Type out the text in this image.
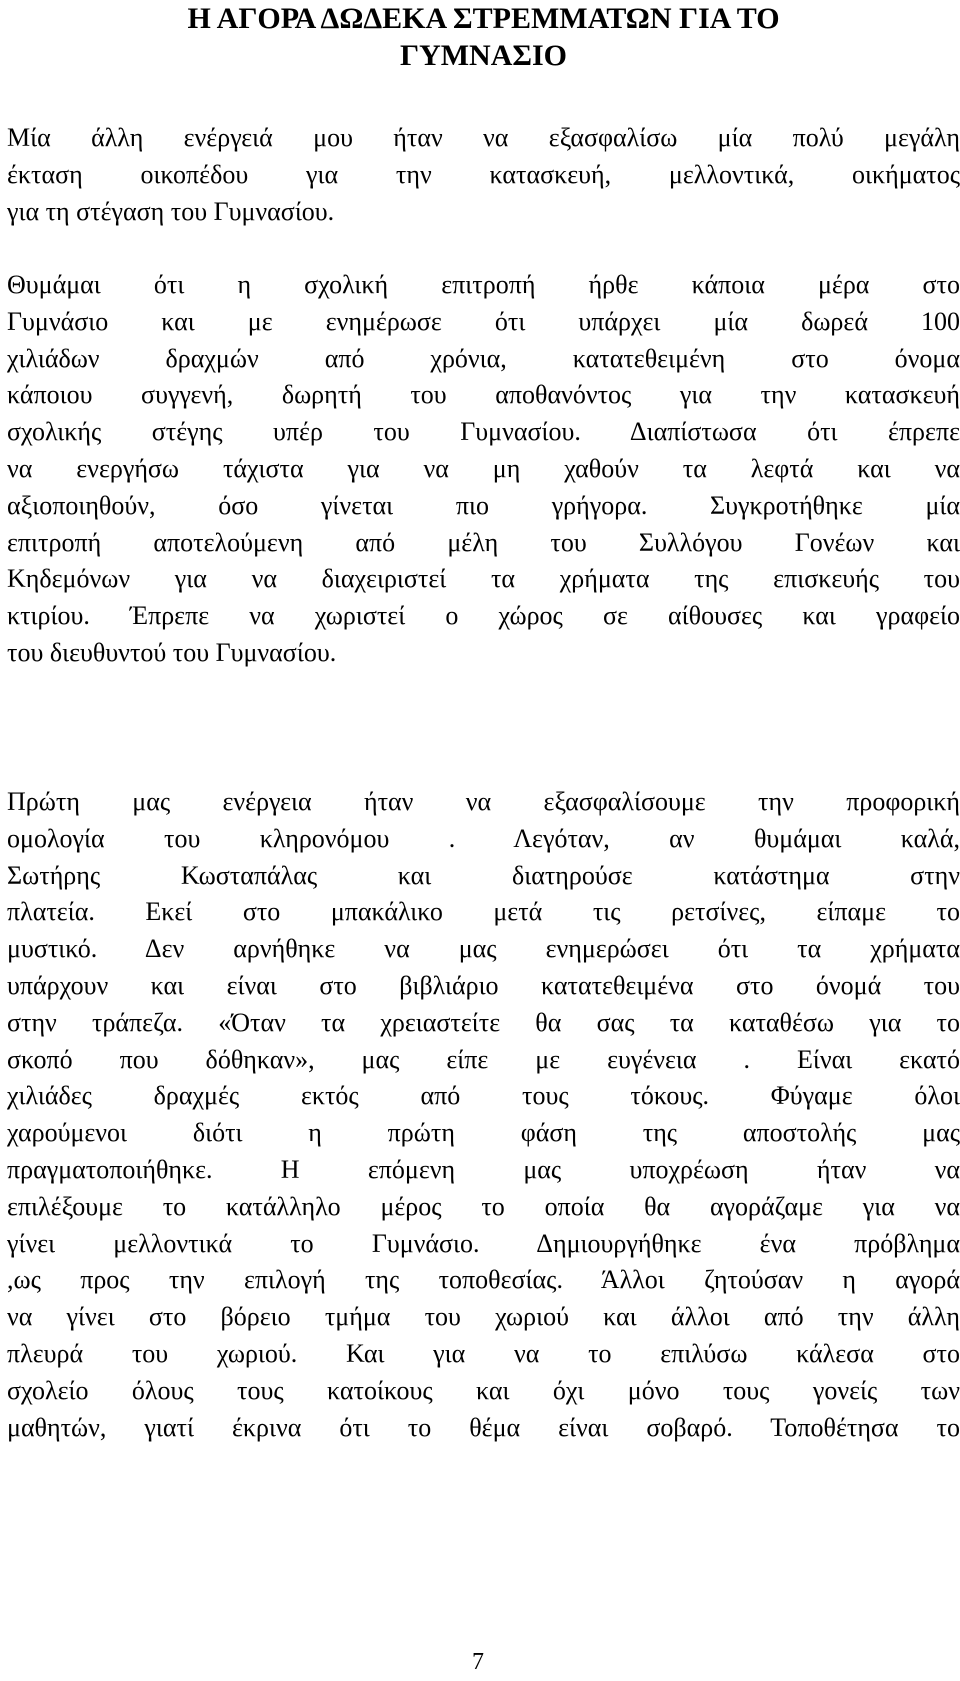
Η ΑΓΟΡΑ ΔΩΔΕΚΑ ΣΤΡΕΜΜΑΤΩΝ ΓΙΑ ΤΟ
ΓΥΜΝΑΣΙΟ
Μία άλλη ενέργειά μου ήταν να εξασφαλίσω μία πολύ μεγάλη
έκταση οικοπέδου για την κατασκευή, μελλοντικά, οικήματος
για τη στέγαση του Γυμνασίου.
Θυμάμαι ότι η σχολική επιτροπή ήρθε κάποια μέρα στο
Γυμνάσιο και με ενημέρωσε ότι υπάρχει μία δωρεά 100
χιλιάδων δραχμών από χρόνια, κατατεθειμένη στο όνομα
κάποιου συγγενή, δωρητή του αποθανόντος για την κατασκευή
σχολικής στέγης υπέρ του Γυμνασίου. Διαπίστωσα ότι έπρεπε
να ενεργήσω τάχιστα για να μη χαθούν τα λεφτά και να
αξιοποιηθούν, όσο γίνεται πιο γρήγορα. Συγκροτήθηκε μία
επιτροπή αποτελούμενη από μέλη του Συλλόγου Γονέων και
Κηδεμόνων για να διαχειριστεί τα χρήματα της επισκευής του
κτιρίου. Έπρεπε να χωριστεί ο χώρος σε αίθουσες και γραφείο
του διευθυντού του Γυμνασίου.
Πρώτη μας ενέργεια ήταν να εξασφαλίσουμε την προφορική
ομολογία του κληρονόμου . Λεγόταν, αν θυμάμαι καλά,
Σωτήρης Κωσταπάλας και διατηρούσε κατάστημα στην
πλατεία. Εκεί στο μπακάλικο μετά τις ρετσίνες, είπαμε το
μυστικό. Δεν αρνήθηκε να μας ενημερώσει ότι τα χρήματα
υπάρχουν και είναι στο βιβλιάριο κατατεθειμένα στο όνομά του
στην τράπεζα. «Όταν τα χρειαστείτε θα σας τα καταθέσω για το
σκοπό που δόθηκαν», μας είπε με ευγένεια . Είναι εκατό
χιλιάδες δραχμές εκτός από τους τόκους. Φύγαμε όλοι
χαρούμενοι διότι η πρώτη φάση της αποστολής μας
πραγματοποιήθηκε. Η επόμενη μας υποχρέωση ήταν να
επιλέξουμε το κατάλληλο μέρος το οποία θα αγοράζαμε για να
γίνει μελλοντικά το Γυμνάσιο. Δημιουργήθηκε ένα πρόβλημα
,ως προς την επιλογή της τοποθεσίας. Άλλοι ζητούσαν η αγορά
να γίνει στο βόρειο τμήμα του χωριού και άλλοι από την άλλη
πλευρά του χωριού. Και για να το επιλύσω κάλεσα στο
σχολείο όλους τους κατοίκους και όχι μόνο τους γονείς των
μαθητών, γιατί έκρινα ότι το θέμα είναι σοβαρό. Τοποθέτησα το
7
